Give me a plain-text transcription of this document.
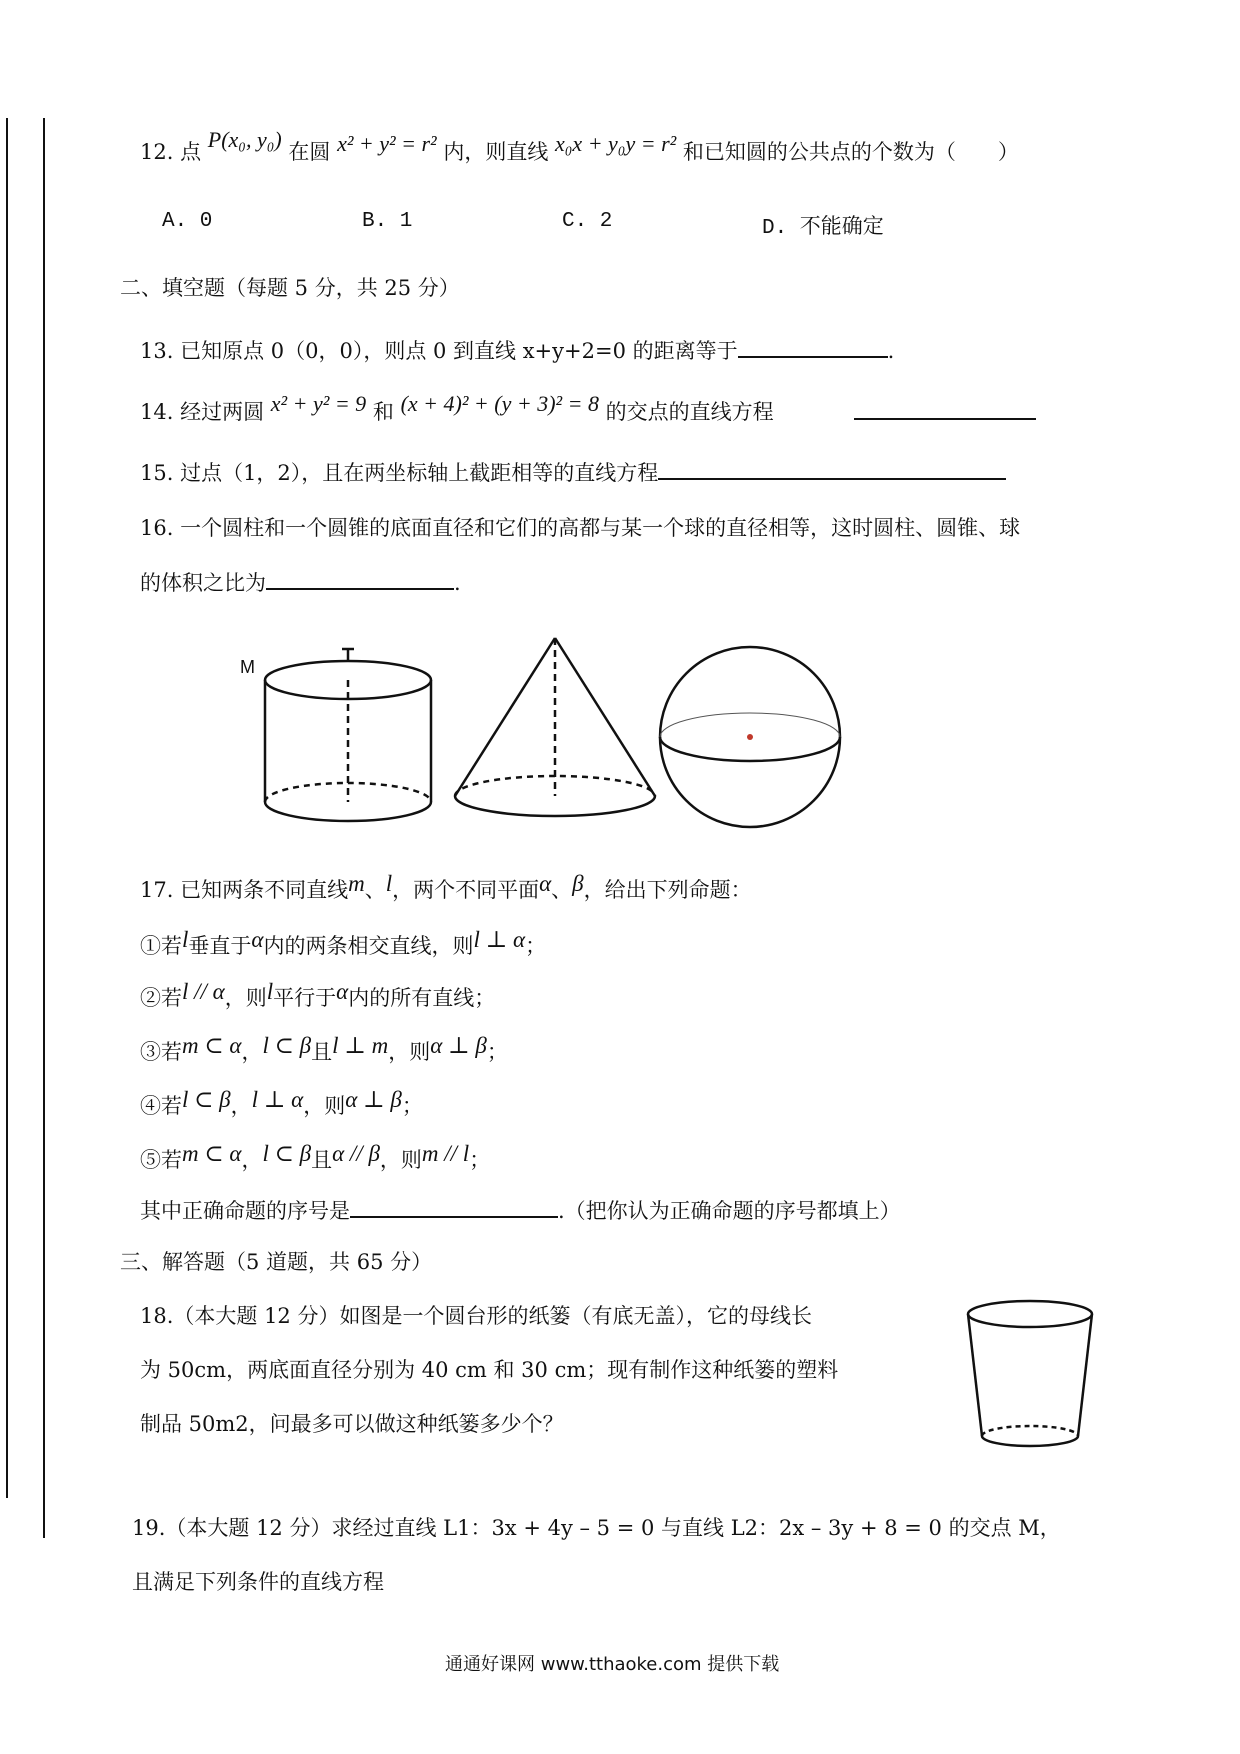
12. 点 P(x₀, y₀) 在圆 x² + y² = r² 内，则直线 x₀x + y₀y = r² 和已知圆的公共点的个数为（　　）
A. 0	B. 1	C. 2	D. 不能确定
二、填空题（每题 5 分，共 25 分）
13. 已知原点 0（0，0），则点 0 到直线 x+y+2=0 的距离等于	.
14. 经过两圆 x² + y² = 9 和 (x + 4)² + (y + 3)² = 8 的交点的直线方程
15. 过点（1，2），且在两坐标轴上截距相等的直线方程
16. 一个圆柱和一个圆锥的底面直径和它们的高都与某一个球的直径相等，这时圆柱、圆锥、球
的体积之比为	.
M
17. 已知两条不同直线m、l，两个不同平面α、β，给出下列命题：
①若l垂直于α内的两条相交直线，则l ⊥ α；
②若l // α，则l平行于α内的所有直线；
③若m ⊂ α，l ⊂ β且l ⊥ m，则α ⊥ β；
④若l ⊂ β，l ⊥ α，则α ⊥ β；
⑤若m ⊂ α，l ⊂ β且α // β，则m // l；
其中正确命题的序号是	.（把你认为正确命题的序号都填上）
三、解答题（5 道题，共 65 分）
18.（本大题 12 分）如图是一个圆台形的纸篓（有底无盖），它的母线长
为 50cm，两底面直径分别为 40 cm 和 30 cm；现有制作这种纸篓的塑料
制品 50m2，问最多可以做这种纸篓多少个？
19.（本大题 12 分）求经过直线 L1：3x + 4y – 5 = 0 与直线 L2：2x – 3y + 8 = 0 的交点 M，
且满足下列条件的直线方程
通通好课网 www.tthaoke.com 提供下载
